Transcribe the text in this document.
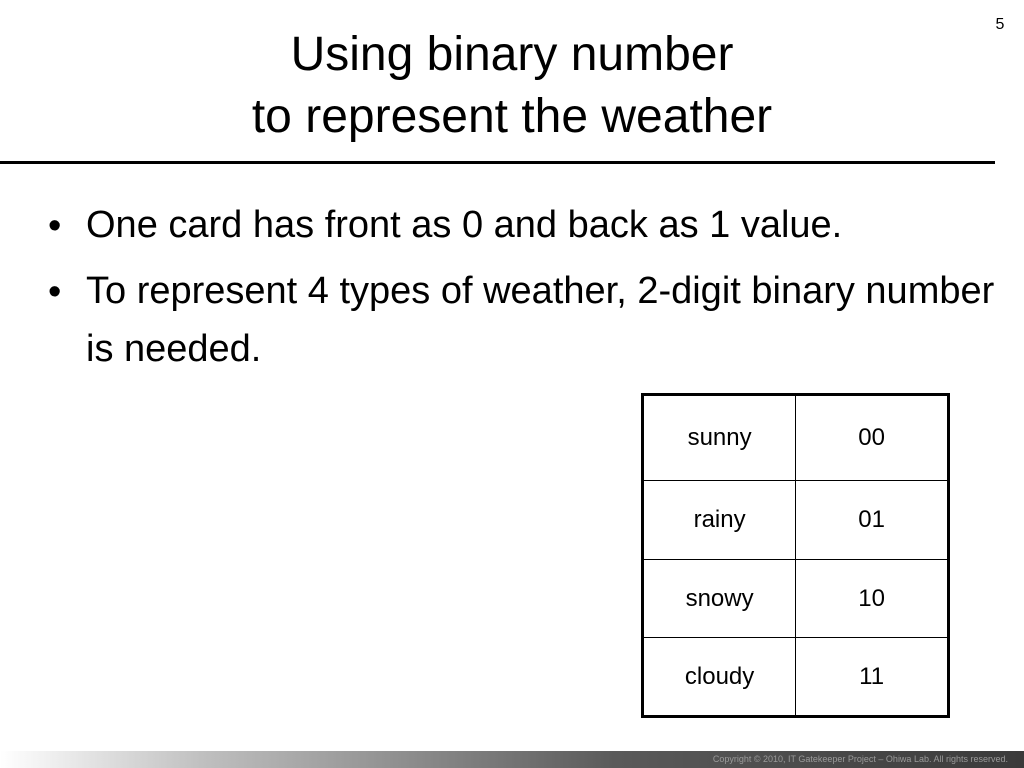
5
Using binary number
to represent the weather
• One card has front as 0 and back as 1 value.
• To represent 4 types of weather, 2-digit binary number is needed.
sunny	00
rainy	01
snowy	10
cloudy	11
Copyright © 2010, IT Gatekeeper Project – Ohiwa Lab. All rights reserved.
